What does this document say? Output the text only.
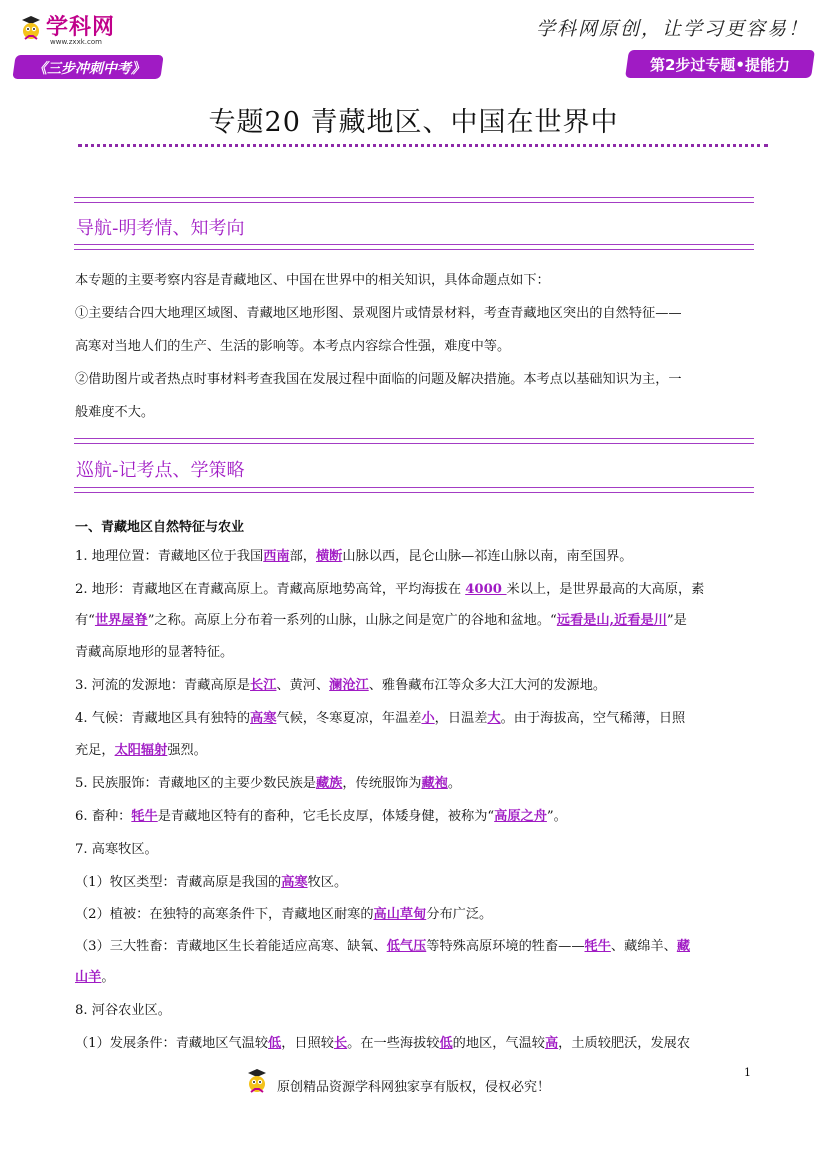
学科网
www.zxxk.com
《三步冲刺中考》
学科网原创，让学习更容易！
第2步过专题•提能力
专题20 青藏地区、中国在世界中
导航-明考情、知考向
本专题的主要考察内容是青藏地区、中国在世界中的相关知识，具体命题点如下：
①主要结合四大地理区域图、青藏地区地形图、景观图片或情景材料，考查青藏地区突出的自然特征——
高寒对当地人们的生产、生活的影响等。本考点内容综合性强，难度中等。
②借助图片或者热点时事材料考查我国在发展过程中面临的问题及解决措施。本考点以基础知识为主，一
般难度不大。
巡航-记考点、学策略
一、青藏地区自然特征与农业
1. 地理位置：青藏地区位于我国西南部，横断山脉以西，昆仑山脉—祁连山脉以南，南至国界。
2. 地形：青藏地区在青藏高原上。青藏高原地势高耸，平均海拔在 4000 米以上，是世界最高的大高原，素
有“世界屋脊”之称。高原上分布着一系列的山脉，山脉之间是宽广的谷地和盆地。“远看是山,近看是川”是
青藏高原地形的显著特征。
3. 河流的发源地：青藏高原是长江、黄河、澜沧江、雅鲁藏布江等众多大江大河的发源地。
4. 气候：青藏地区具有独特的高寒气候，冬寒夏凉，年温差小，日温差大。由于海拔高，空气稀薄，日照
充足，太阳辐射强烈。
5. 民族服饰：青藏地区的主要少数民族是藏族，传统服饰为藏袍。
6. 畜种：牦牛是青藏地区特有的畜种，它毛长皮厚，体矮身健，被称为“高原之舟”。
7. 高寒牧区。
（1）牧区类型：青藏高原是我国的高寒牧区。
（2）植被：在独特的高寒条件下，青藏地区耐寒的高山草甸分布广泛。
（3）三大牲畜：青藏地区生长着能适应高寒、缺氧、低气压等特殊高原环境的牲畜——牦牛、藏绵羊、藏
山羊。
8. 河谷农业区。
（1）发展条件：青藏地区气温较低，日照较长。在一些海拔较低的地区，气温较高，土质较肥沃，发展农
1
原创精品资源学科网独家享有版权，侵权必究！
